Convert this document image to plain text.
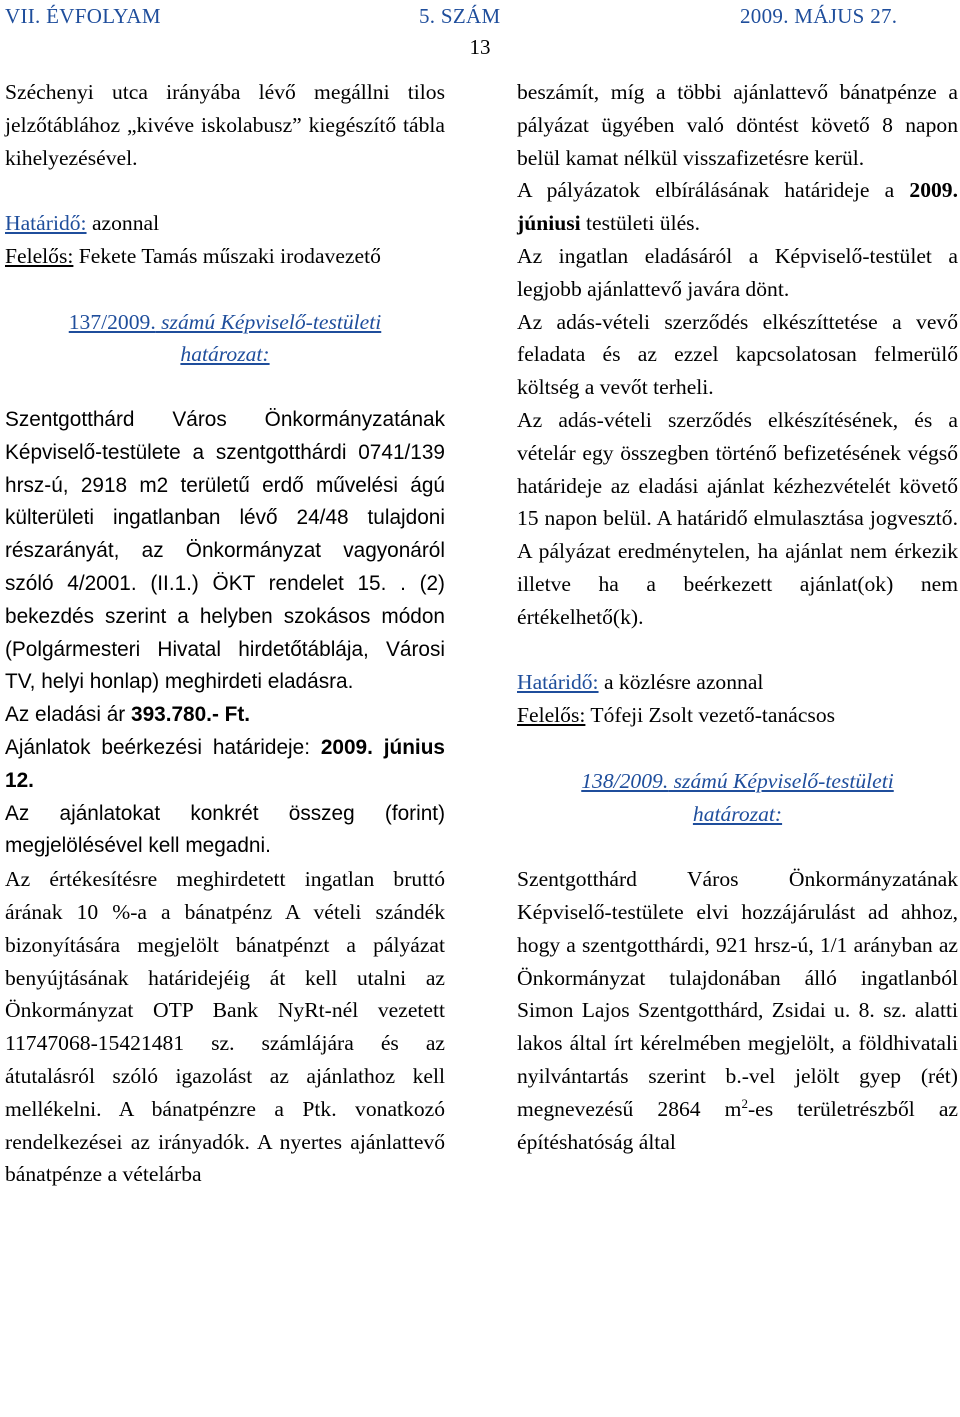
VII. ÉVFOLYAM	5. SZÁM	2009. MÁJUS 27.
13

Széchenyi utca irányába lévő megállni tilos jelzőtáblához „kivéve iskolabusz” kiegészítő tábla kihelyezésével.

Határidő: azonnal

Felelős: Fekete Tamás műszaki irodavezető

137/2009. számú Képviselő-testületi
határozat:

Szentgotthárd Város Önkormányzatának Képviselő-testülete a szentgotthárdi 0741/139 hrsz-ú, 2918 m2 területű erdő művelési ágú külterületi ingatlanban lévő 24/48 tulajdoni részarányát, az Önkormányzat vagyonáról szóló 4/2001. (II.1.) ÖKT rendelet 15. . (2) bekezdés szerint a helyben szokásos módon (Polgármesteri Hivatal hirdetőtáblája, Városi TV, helyi honlap) meghirdeti eladásra.

Az eladási ár 393.780.- Ft.

Ajánlatok beérkezési határideje: 2009. június 12.

Az ajánlatokat konkrét összeg (forint) megjelölésével kell megadni.

Az értékesítésre meghirdetett ingatlan bruttó árának 10 %-a a bánatpénz A vételi szándék bizonyítására megjelölt bánatpénzt a pályázat benyújtásának határidejéig át kell utalni az Önkormányzat OTP Bank NyRt-nél vezetett 11747068-15421481 sz. számlájára és az átutalásról szóló igazolást az ajánlathoz kell mellékelni. A bánatpénzre a Ptk. vonatkozó rendelkezései az irányadók. A nyertes ajánlattevő bánatpénze a vételárba

beszámít, míg a többi ajánlattevő bánatpénze a pályázat ügyében való döntést követő 8 napon belül kamat nélkül visszafizetésre kerül.

A pályázatok elbírálásának határideje a 2009. júniusi testületi ülés.

Az ingatlan eladásáról a Képviselő-testület a legjobb ajánlattevő javára dönt.

Az adás-vételi szerződés elkészíttetése a vevő feladata és az ezzel kapcsolatosan felmerülő költség a vevőt terheli.

Az adás-vételi szerződés elkészítésének, és a vételár egy összegben történő befizetésének végső határideje az eladási ajánlat kézhezvételét követő 15 napon belül. A határidő elmulasztása jogvesztő. A pályázat eredménytelen, ha ajánlat nem érkezik illetve ha a beérkezett ajánlat(ok) nem értékelhető(k).

Határidő: a közlésre azonnal

Felelős: Tófeji Zsolt vezető-tanácsos

138/2009. számú Képviselő-testületi
határozat:

Szentgotthárd Város Önkormányzatának Képviselő-testülete elvi hozzájárulást ad ahhoz, hogy a szentgotthárdi, 921 hrsz-ú, 1/1 arányban az Önkormányzat tulajdonában álló ingatlanból Simon Lajos Szentgotthárd, Zsidai u. 8. sz. alatti lakos által írt kérelmében megjelölt, a földhivatali nyilvántartás szerint b.-vel jelölt gyep (rét) megnevezésű 2864 $m^2-es$ területrészből az építéshatóság által
